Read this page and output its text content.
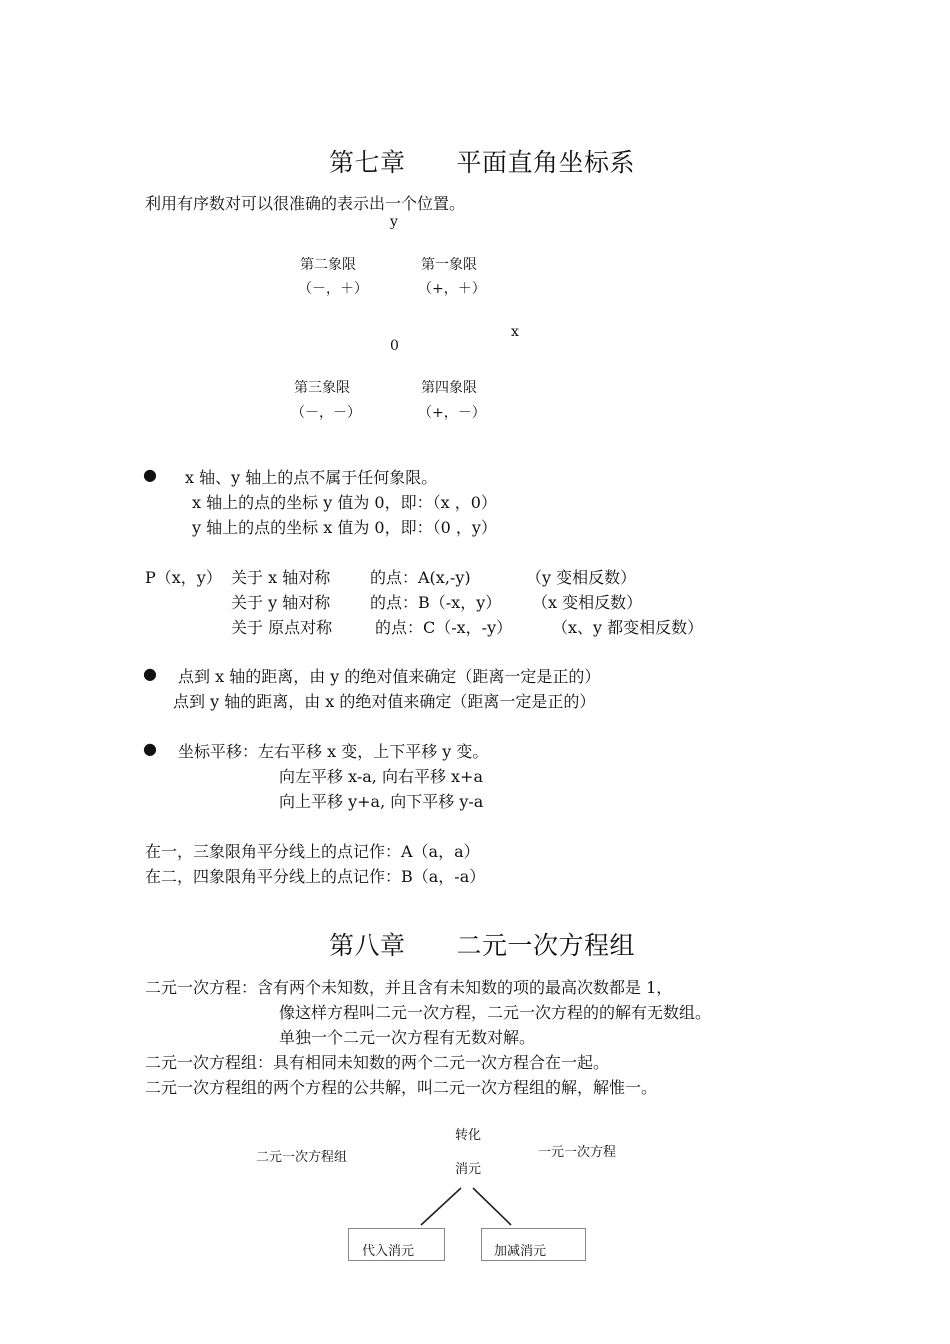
第七章　　平面直角坐标系
利用有序数对可以很准确的表示出一个位置。
y
第二象限	第一象限
（－，＋）	（+，＋）
x
0
第三象限	第四象限
（－，－）	（+，－）
● x 轴、y 轴上的点不属于任何象限。
x 轴上的点的坐标 y 值为 0，即：（x ，0）
y 轴上的点的坐标 x 值为 0，即：（0 ，y）
P（x，y） 关于 x 轴对称 的点：A(x,-y)	（y 变相反数）
关于 y 轴对称 的点：B（-x，y） （x 变相反数）
关于 原点对称	的点：C（-x，-y） （x、y 都变相反数）
● 点到 x 轴的距离，由 y 的绝对值来确定（距离一定是正的）
点到 y 轴的距离，由 x 的绝对值来确定（距离一定是正的）
● 坐标平移：左右平移 x 变，上下平移 y 变。
向左平移 x-a, 向右平移 x+a
向上平移 y+a, 向下平移 y-a
在一，三象限角平分线上的点记作：A（a，a）
在二，四象限角平分线上的点记作：B（a，-a）
第八章　　二元一次方程组
二元一次方程：含有两个未知数，并且含有未知数的项的最高次数都是 1，
像这样方程叫二元一次方程，二元一次方程的的解有无数组。
单独一个二元一次方程有无数对解。
二元一次方程组：具有相同未知数的两个二元一次方程合在一起。
二元一次方程组的两个方程的公共解，叫二元一次方程组的解，解惟一。
转化
二元一次方程组	一元一次方程
消元
代入消元	加减消元
